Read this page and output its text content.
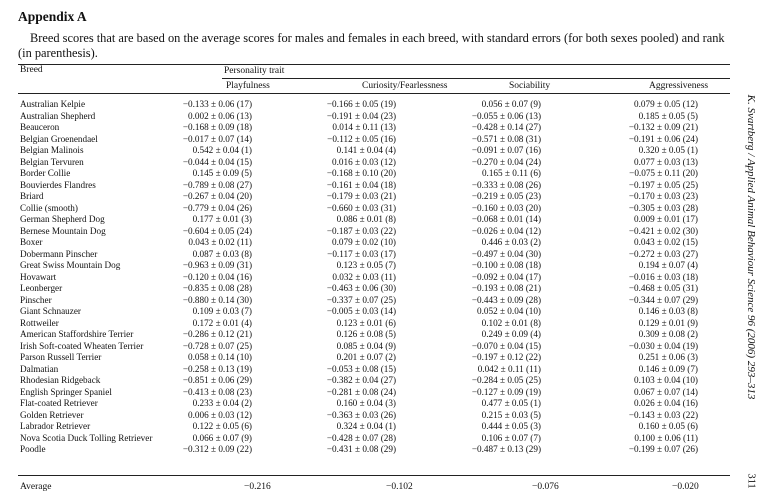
Appendix A
Breed scores that are based on the average scores for males and females in each breed, with standard errors (for both sexes pooled) and rank (in parenthesis).
Breed	Personality trait
Playfulness	Curiosity/Fearlessness	Sociability	Aggressiveness
Australian Kelpie	−0.133 ± 0.06 (17)	−0.166 ± 0.05 (19)	0.056 ± 0.07 (9)	0.079 ± 0.05 (12)
Australian Shepherd	0.002 ± 0.06 (13)	−0.191 ± 0.04 (23)	−0.055 ± 0.06 (13)	0.185 ± 0.05 (5)
Beauceron	−0.168 ± 0.09 (18)	0.014 ± 0.11 (13)	−0.428 ± 0.14 (27)	−0.132 ± 0.09 (21)
Belgian Groenendael	−0.017 ± 0.07 (14)	−0.112 ± 0.05 (16)	−0.571 ± 0.08 (31)	−0.191 ± 0.06 (24)
Belgian Malinois	0.542 ± 0.04 (1)	0.141 ± 0.04 (4)	−0.091 ± 0.07 (16)	0.320 ± 0.05 (1)
Belgian Tervuren	−0.044 ± 0.04 (15)	0.016 ± 0.03 (12)	−0.270 ± 0.04 (24)	0.077 ± 0.03 (13)
Border Collie	0.145 ± 0.09 (5)	−0.168 ± 0.10 (20)	0.165 ± 0.11 (6)	−0.075 ± 0.11 (20)
Bouvierdes Flandres	−0.789 ± 0.08 (27)	−0.161 ± 0.04 (18)	−0.333 ± 0.08 (26)	−0.197 ± 0.05 (25)
Briard	−0.267 ± 0.04 (20)	−0.179 ± 0.03 (21)	−0.219 ± 0.05 (23)	−0.170 ± 0.03 (23)
Collie (smooth)	−0.779 ± 0.04 (26)	−0.660 ± 0.03 (31)	−0.160 ± 0.03 (20)	−0.305 ± 0.03 (28)
German Shepherd Dog	0.177 ± 0.01 (3)	0.086 ± 0.01 (8)	−0.068 ± 0.01 (14)	0.009 ± 0.01 (17)
Bernese Mountain Dog	−0.604 ± 0.05 (24)	−0.187 ± 0.03 (22)	−0.026 ± 0.04 (12)	−0.421 ± 0.02 (30)
Boxer	0.043 ± 0.02 (11)	0.079 ± 0.02 (10)	0.446 ± 0.03 (2)	0.043 ± 0.02 (15)
Dobermann Pinscher	0.087 ± 0.03 (8)	−0.117 ± 0.03 (17)	−0.497 ± 0.04 (30)	−0.272 ± 0.03 (27)
Great Swiss Mountain Dog	−0.963 ± 0.09 (31)	0.123 ± 0.05 (7)	−0.100 ± 0.08 (18)	0.194 ± 0.07 (4)
Hovawart	−0.120 ± 0.04 (16)	0.032 ± 0.03 (11)	−0.092 ± 0.04 (17)	−0.016 ± 0.03 (18)
Leonberger	−0.835 ± 0.08 (28)	−0.463 ± 0.06 (30)	−0.193 ± 0.08 (21)	−0.468 ± 0.05 (31)
Pinscher	−0.880 ± 0.14 (30)	−0.337 ± 0.07 (25)	−0.443 ± 0.09 (28)	−0.344 ± 0.07 (29)
Giant Schnauzer	0.109 ± 0.03 (7)	−0.005 ± 0.03 (14)	0.052 ± 0.04 (10)	0.146 ± 0.03 (8)
Rottweiler	0.172 ± 0.01 (4)	0.123 ± 0.01 (6)	0.102 ± 0.01 (8)	0.129 ± 0.01 (9)
American Staffordshire Terrier	−0.286 ± 0.12 (21)	0.126 ± 0.08 (5)	0.249 ± 0.09 (4)	0.309 ± 0.08 (2)
Irish Soft-coated Wheaten Terrier	−0.728 ± 0.07 (25)	0.085 ± 0.04 (9)	−0.070 ± 0.04 (15)	−0.030 ± 0.04 (19)
Parson Russell Terrier	0.058 ± 0.14 (10)	0.201 ± 0.07 (2)	−0.197 ± 0.12 (22)	0.251 ± 0.06 (3)
Dalmatian	−0.258 ± 0.13 (19)	−0.053 ± 0.08 (15)	0.042 ± 0.11 (11)	0.146 ± 0.09 (7)
Rhodesian Ridgeback	−0.851 ± 0.06 (29)	−0.382 ± 0.04 (27)	−0.284 ± 0.05 (25)	0.103 ± 0.04 (10)
English Springer Spaniel	−0.413 ± 0.08 (23)	−0.281 ± 0.08 (24)	−0.127 ± 0.09 (19)	0.067 ± 0.07 (14)
Flat-coated Retriever	0.233 ± 0.04 (2)	0.160 ± 0.04 (3)	0.477 ± 0.05 (1)	0.026 ± 0.04 (16)
Golden Retriever	0.006 ± 0.03 (12)	−0.363 ± 0.03 (26)	0.215 ± 0.03 (5)	−0.143 ± 0.03 (22)
Labrador Retriever	0.122 ± 0.05 (6)	0.324 ± 0.04 (1)	0.444 ± 0.05 (3)	0.160 ± 0.05 (6)
Nova Scotia Duck Tolling Retriever	0.066 ± 0.07 (9)	−0.428 ± 0.07 (28)	0.106 ± 0.07 (7)	0.100 ± 0.06 (11)
Poodle	−0.312 ± 0.09 (22)	−0.431 ± 0.08 (29)	−0.487 ± 0.13 (29)	−0.199 ± 0.07 (26)
Average	−0.216	−0.102	−0.076	−0.020
K. Svartberg / Applied Animal Behaviour Science 96 (2006) 293–313
311
